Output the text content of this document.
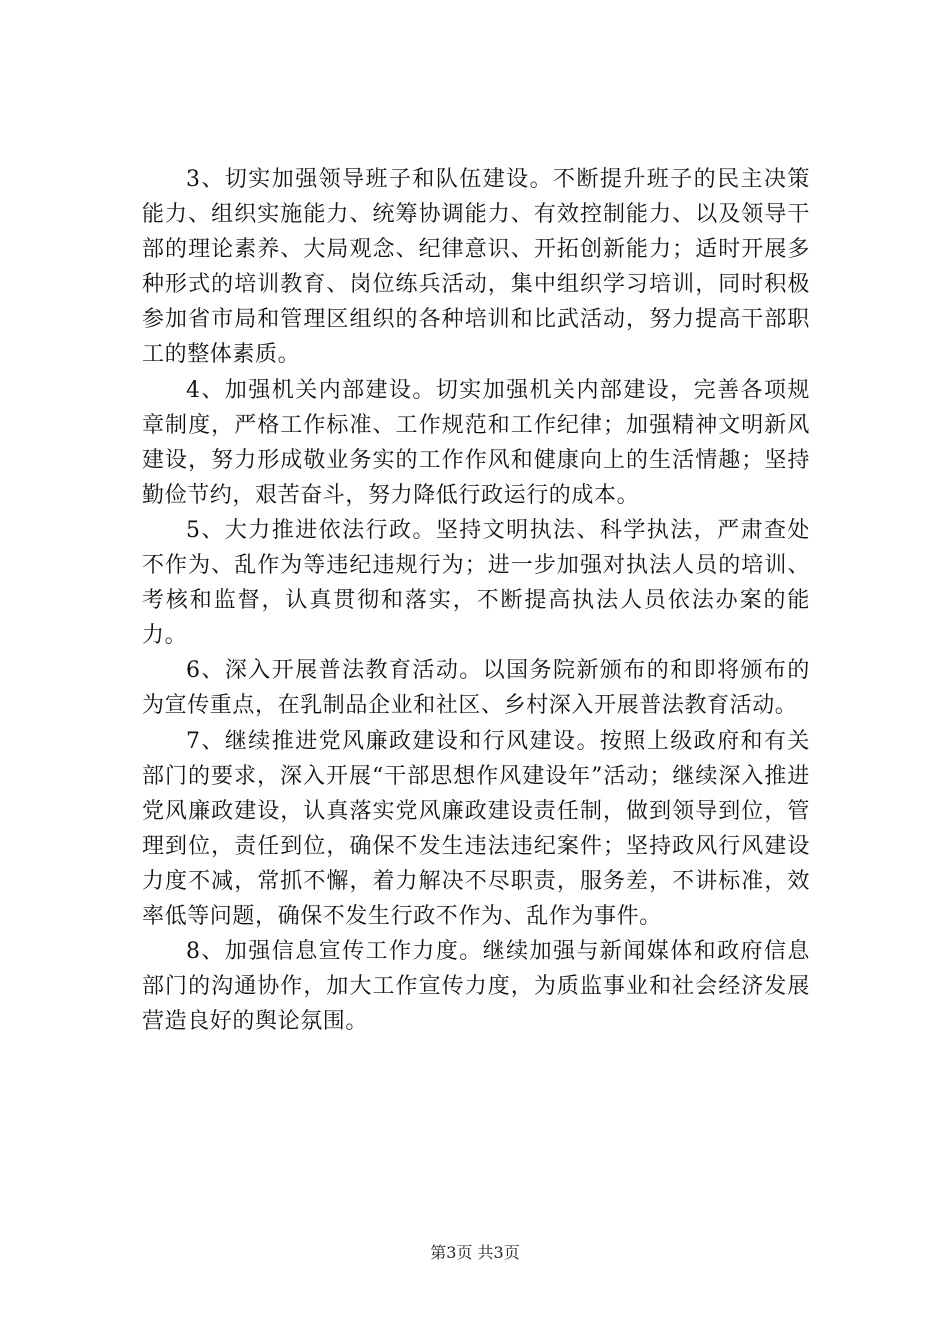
3、切实加强领导班子和队伍建设。不断提升班子的民主决策能力、组织实施能力、统筹协调能力、有效控制能力、以及领导干部的理论素养、大局观念、纪律意识、开拓创新能力；适时开展多种形式的培训教育、岗位练兵活动，集中组织学习培训，同时积极参加省市局和管理区组织的各种培训和比武活动，努力提高干部职工的整体素质。

4、加强机关内部建设。切实加强机关内部建设，完善各项规章制度，严格工作标准、工作规范和工作纪律；加强精神文明新风建设，努力形成敬业务实的工作作风和健康向上的生活情趣；坚持勤俭节约，艰苦奋斗，努力降低行政运行的成本。

5、大力推进依法行政。坚持文明执法、科学执法，严肃查处不作为、乱作为等违纪违规行为；进一步加强对执法人员的培训、考核和监督，认真贯彻和落实，不断提高执法人员依法办案的能力。

6、深入开展普法教育活动。以国务院新颁布的和即将颁布的为宣传重点，在乳制品企业和社区、乡村深入开展普法教育活动。

7、继续推进党风廉政建设和行风建设。按照上级政府和有关部门的要求，深入开展“干部思想作风建设年”活动；继续深入推进党风廉政建设，认真落实党风廉政建设责任制，做到领导到位，管理到位，责任到位，确保不发生违法违纪案件；坚持政风行风建设力度不减，常抓不懈，着力解决不尽职责，服务差，不讲标准，效率低等问题，确保不发生行政不作为、乱作为事件。

8、加强信息宣传工作力度。继续加强与新闻媒体和政府信息部门的沟通协作，加大工作宣传力度，为质监事业和社会经济发展营造良好的舆论氛围。

第3页 共3页
